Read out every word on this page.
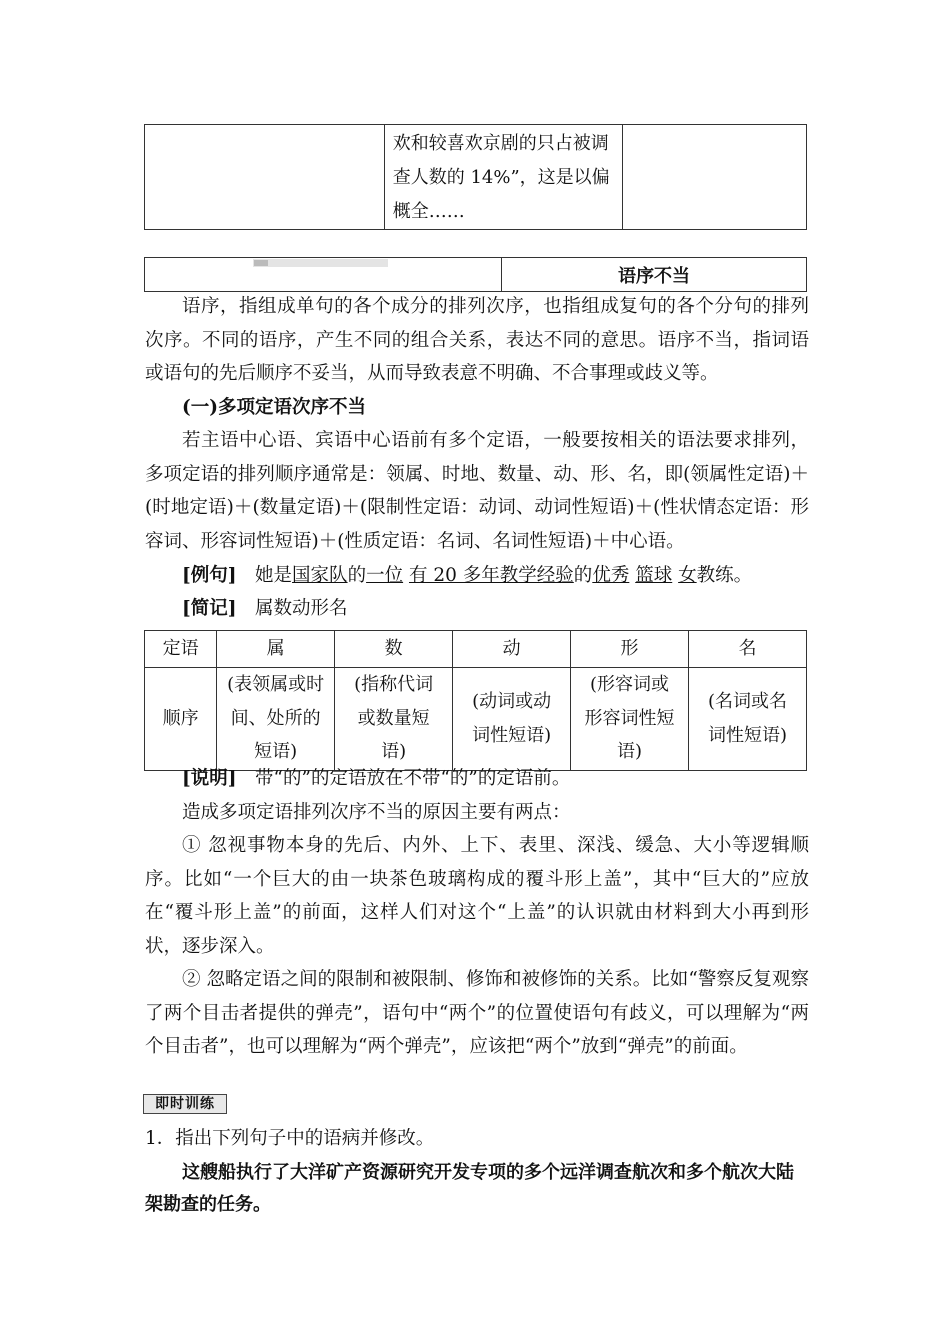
	欢和较喜欢京剧的只占被调查人数的 14%”，这是以偏概全……	
	语序不当
语序，指组成单句的各个成分的排列次序，也指组成复句的各个分句的排列次序。不同的语序，产生不同的组合关系，表达不同的意思。语序不当，指词语或语句的先后顺序不妥当，从而导致表意不明确、不合事理或歧义等。
(一)多项定语次序不当
若主语中心语、宾语中心语前有多个定语，一般要按相关的语法要求排列，多项定语的排列顺序通常是：领属、时地、数量、动、形、名，即(领属性定语)＋(时地定语)＋(数量定语)＋(限制性定语：动词、动词性短语)＋(性状情态定语：形容词、形容词性短语)＋(性质定语：名词、名词性短语)＋中心语。
[例句]　 她是国家队的一位 有 20 多年教学经验的优秀 篮球 女教练。
[简记]　 属数动形名
定语	属	数	动	形	名
顺序	(表领属或时间、处所的短语)	(指称代词或数量短语)	(动词或动词性短语)	(形容词或形容词性短语)	(名词或名词性短语)
[说明]　 带“的”的定语放在不带“的”的定语前。
造成多项定语排列次序不当的原因主要有两点：
① 忽视事物本身的先后、内外、上下、表里、深浅、缓急、大小等逻辑顺序。比如“一个巨大的由一块茶色玻璃构成的覆斗形上盖”，其中“巨大的”应放在“覆斗形上盖”的前面，这样人们对这个“上盖”的认识就由材料到大小再到形状，逐步深入。
② 忽略定语之间的限制和被限制、修饰和被修饰的关系。比如“警察反复观察了两个目击者提供的弹壳”，语句中“两个”的位置使语句有歧义，可以理解为“两个目击者”，也可以理解为“两个弹壳”，应该把“两个”放到“弹壳”的前面。
即时训练
1．指出下列句子中的语病并修改。
这艘船执行了大洋矿产资源研究开发专项的多个远洋调查航次和多个航次大陆架勘查的任务。
